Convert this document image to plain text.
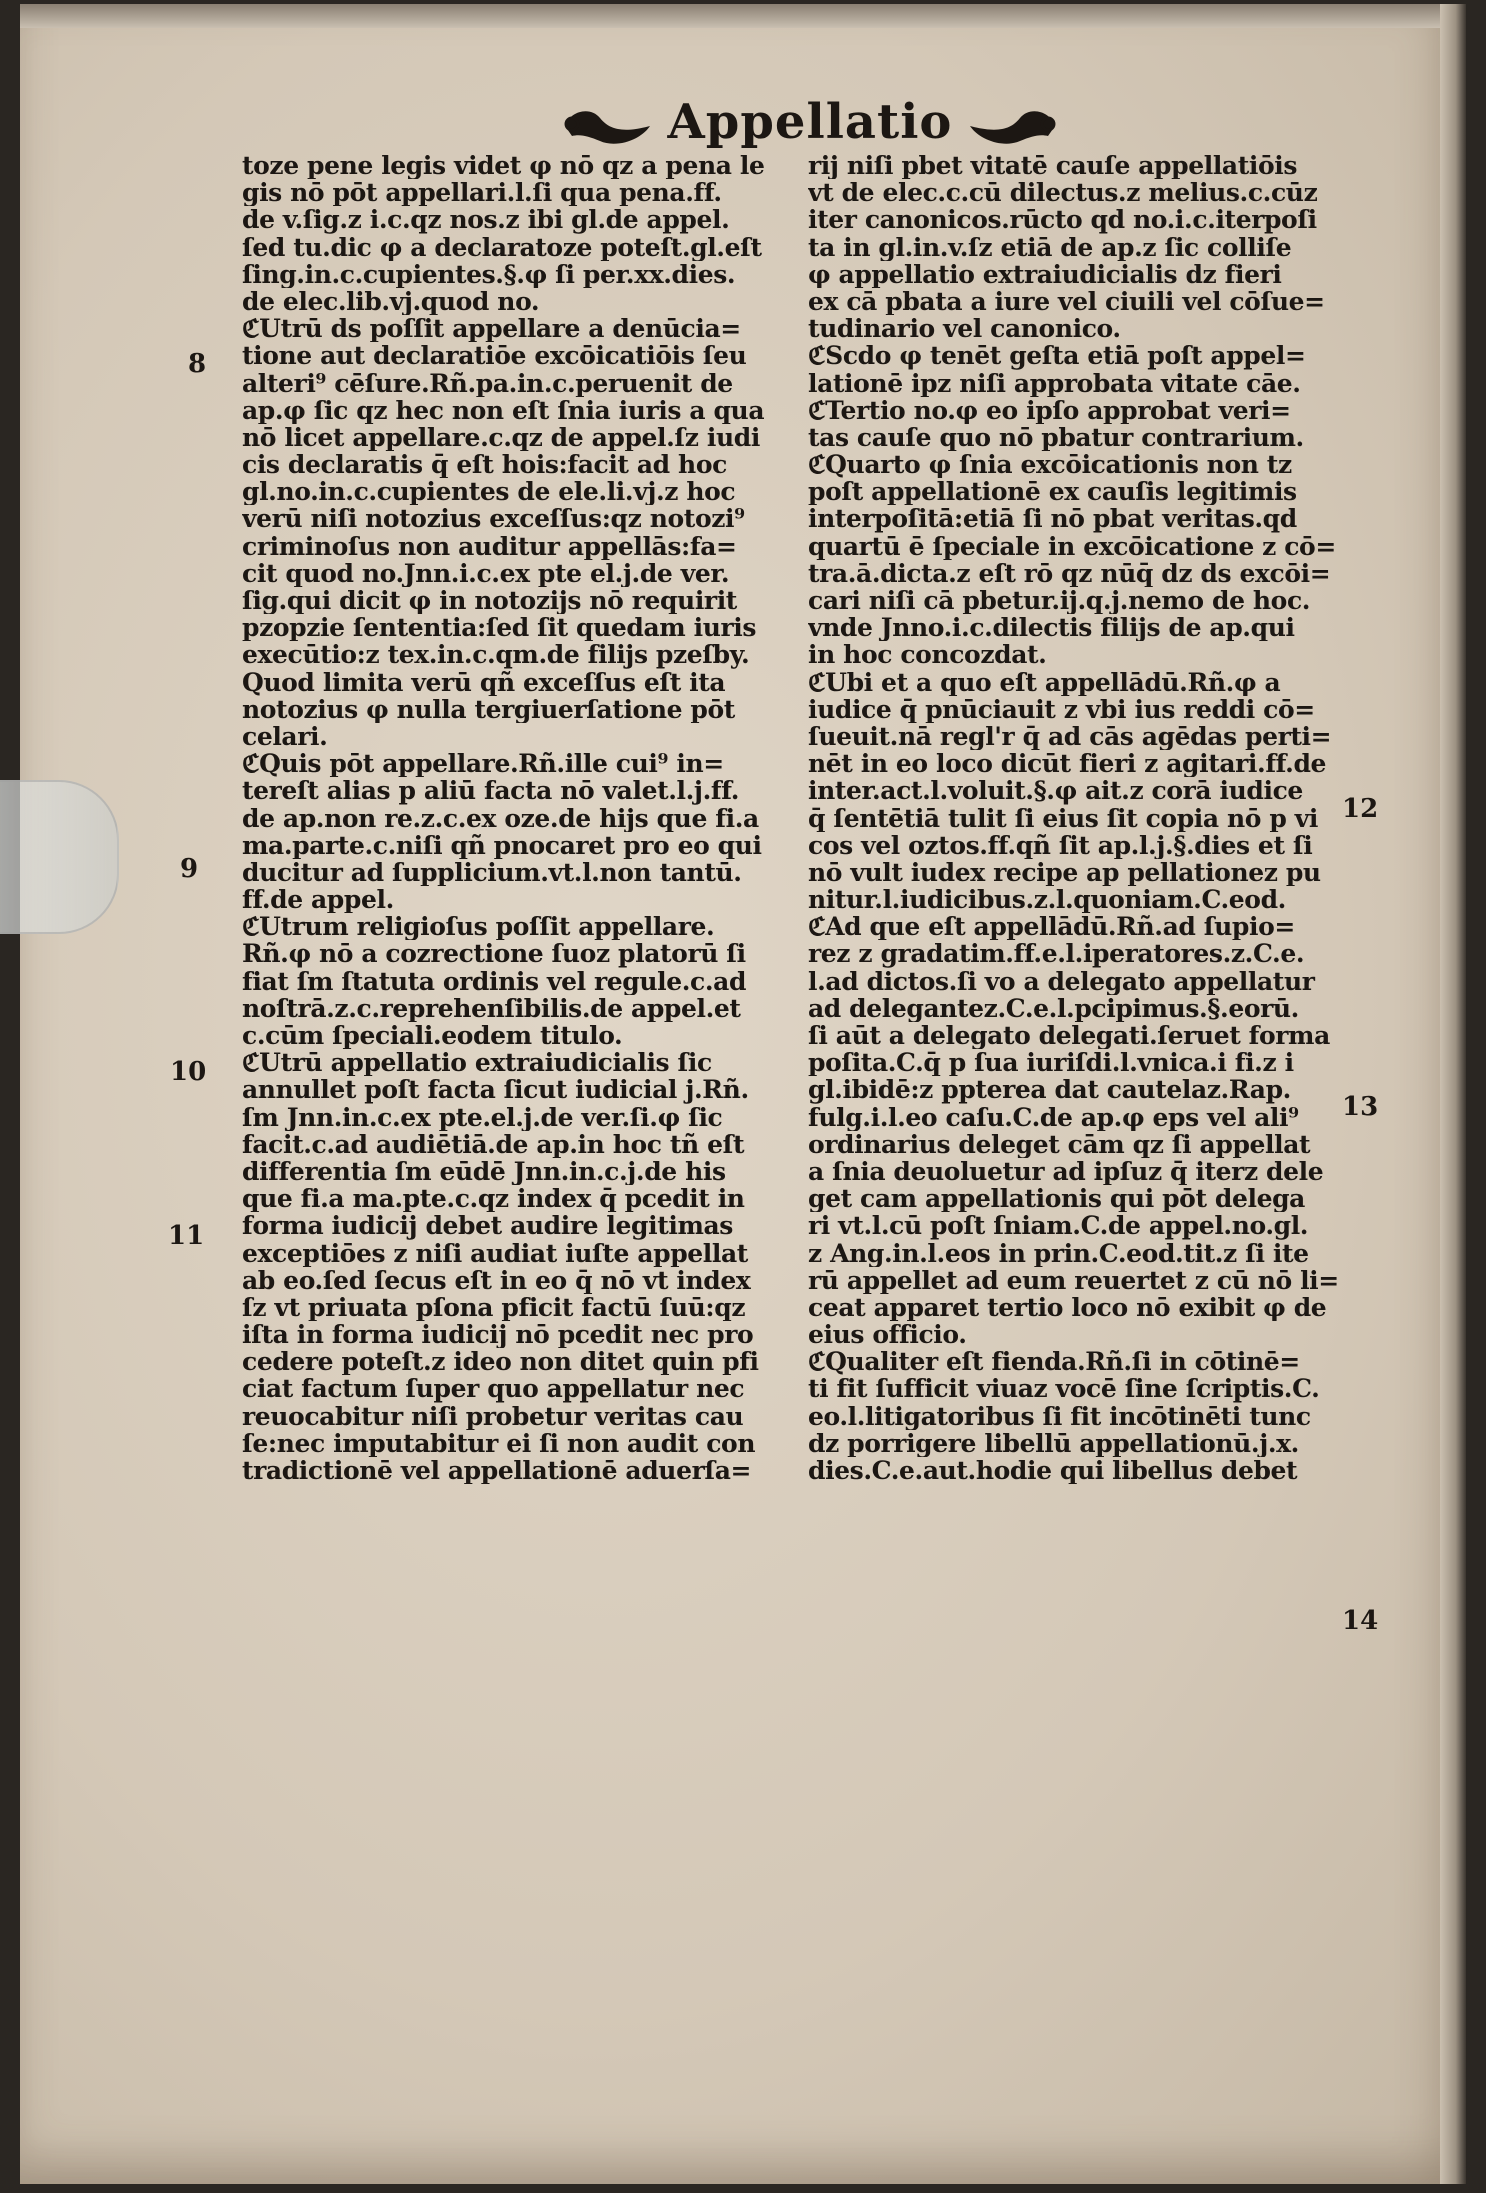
Appellatio
toze pene legis videt φ nō qz a pena le
gis nō pōt appellari.l.ſi qua pena.ff.
de v.ſig.z i.c.qz nos.z ibi gl.de appel.
ſed tu.dic φ a declaratoze poteſt.gl.eſt
ſing.in.c.cupientes.§.φ ſi per.xx.dies.
de elec.lib.vj.quod no.
ℭUtrū ds poſſit appellare a denūcia=
tione aut declaratiōe excōicatiōis ſeu
alteri⁹ cēſure.Rñ.pa.in.c.peruenit de
ap.φ ſic qz hec non eſt ſnia iuris a qua
nō licet appellare.c.qz de appel.ſz iudi
cis declaratis q̄ eſt hois:facit ad hoc
gl.no.in.c.cupientes de ele.li.vj.z hoc
verū niſi notozius exceſſus:qz notozi⁹
criminoſus non auditur appellās:fa=
cit quod no.Jnn.i.c.ex pte el.j.de ver.
ſig.qui dicit φ in notozijs nō requirit
pzopzie ſententia:ſed ſit quedam iuris
execūtio:z tex.in.c.qm.de filijs pzeſby.
Quod limita verū qñ exceſſus eſt ita
notozius φ nulla tergiuerſatione pōt
celari.
ℭQuis pōt appellare.Rñ.ille cui⁹ in=
tereſt alias p aliū facta nō valet.l.j.ff.
de ap.non re.z.c.ex oze.de hijs que fi.a
ma.parte.c.niſi qñ pnocaret pro eo qui
ducitur ad ſupplicium.vt.l.non tantū.
ff.de appel.
ℭUtrum religioſus poſſit appellare.
Rñ.φ nō a cozrectione ſuoz platorū ſi
fiat ſm ſtatuta ordinis vel regule.c.ad
noſtrā.z.c.reprehenſibilis.de appel.et
c.cūm ſpeciali.eodem titulo.
ℭUtrū appellatio extraiudicialis ſic
annullet poſt facta ſicut iudicial j.Rñ.
ſm Jnn.in.c.ex pte.el.j.de ver.ſi.φ ſic
facit.c.ad audiētiā.de ap.in hoc tñ eſt
differentia ſm eūdē Jnn.in.c.j.de his
que fi.a ma.pte.c.qz index q̄ pcedit in
forma iudicij debet audire legitimas
exceptiōes z niſi audiat iuſte appellat
ab eo.ſed ſecus eſt in eo q̄ nō vt index
ſz vt priuata pſona pficit factū ſuū:qz
iſta in forma iudicij nō pcedit nec pro
cedere poteſt.z ideo non ditet quin pfi
ciat factum ſuper quo appellatur nec
reuocabitur niſi probetur veritas cau
ſe:nec imputabitur ei ſi non audit con
tradictionē vel appellationē aduerſa=
rij niſi pbet vitatē cauſe appellatiōis
vt de elec.c.cū dilectus.z melius.c.cūz
iter canonicos.rūcto qd no.i.c.iterpoſi
ta in gl.in.v.ſz etiā de ap.z ſic colliſe
φ appellatio extraiudicialis dz fieri
ex cā pbata a iure vel ciuili vel cōſue=
tudinario vel canonico.
ℭScdo φ tenēt geſta etiā poſt appel=
lationē ipz niſi approbata vitate cāe.
ℭTertio no.φ eo ipſo approbat veri=
tas cauſe quo nō pbatur contrarium.
ℭQuarto φ ſnia excōicationis non tz
poſt appellationē ex cauſis legitimis
interpoſitā:etiā ſi nō pbat veritas.qd
quartū ē ſpeciale in excōicatione z cō=
tra.ā.dicta.z eſt rō qz nūq̄ dz ds excōi=
cari niſi cā pbetur.ij.q.j.nemo de hoc.
vnde Jnno.i.c.dilectis filijs de ap.qui
in hoc concozdat.
ℭUbi et a quo eſt appellādū.Rñ.φ a
iudice q̄ pnūciauit z vbi ius reddi cō=
ſueuit.nā regl'r q̄ ad cās agēdas perti=
nēt in eo loco dicūt fieri z agitari.ff.de
inter.act.l.voluit.§.φ ait.z corā iudice
q̄ ſentētiā tulit ſi eius ſit copia nō p vi
cos vel oztos.ff.qñ ſit ap.l.j.§.dies et ſi
nō vult iudex recipe ap pellationez pu
nitur.l.iudicibus.z.l.quoniam.C.eod.
ℭAd que eſt appellādū.Rñ.ad ſupio=
rez z gradatim.ff.e.l.iperatores.z.C.e.
l.ad dictos.ſi vo a delegato appellatur
ad delegantez.C.e.l.pcipimus.§.eorū.
ſi aūt a delegato delegati.ſeruet forma
poſita.C.q̄ p ſua iuriſdi.l.vnica.i fi.z i
gl.ibidē:z pptereа dat cautelaz.Rap.
fulg.i.l.eo caſu.C.de ap.φ eps vel ali⁹
ordinarius deleget cām qz ſi appellat
a ſnia deuoluetur ad ipſuz q̄ iterz dele
get cam appellationis qui pōt delega
ri vt.l.cū poſt ſniam.C.de appel.no.gl.
z Ang.in.l.eos in prin.C.eod.tit.z ſi ite
rū appellet ad eum reuertet z cū nō li=
ceat apparet tertio loco nō exibit φ de
eius officio.
ℭQualiter eſt fienda.Rñ.ſi in cōtinē=
ti fit ſufficit viuaz vocē ſine ſcriptis.C.
eo.l.litigatoribus ſi fit incōtinēti tunc
dz porrigere libellū appellationū.j.x.
dies.C.e.aut.hodie qui libellus debet
8
9
10
11
12
13
14
